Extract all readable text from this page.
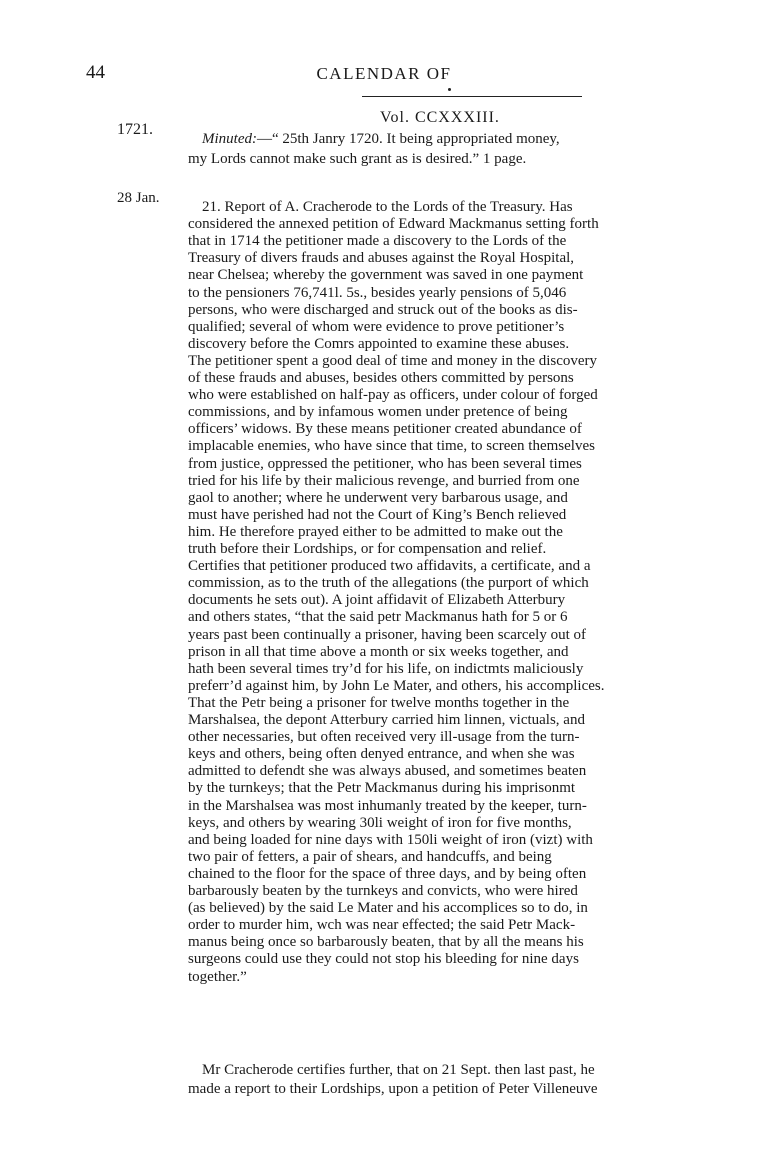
44	CALENDAR OF
Vol. CCXXXIII.
1721.
28 Jan.
Minuted:—“ 25th Janry 1720. It being appropriated money,
my Lords cannot make such grant as is desired.” 1 page.
21. Report of A. Cracherode to the Lords of the Treasury. Has
considered the annexed petition of Edward Mackmanus setting forth
that in 1714 the petitioner made a discovery to the Lords of the
Treasury of divers frauds and abuses against the Royal Hospital,
near Chelsea; whereby the government was saved in one payment
to the pensioners 76,741l. 5s., besides yearly pensions of 5,046
persons, who were discharged and struck out of the books as dis-
qualified; several of whom were evidence to prove petitioner’s
discovery before the Comrs appointed to examine these abuses.
The petitioner spent a good deal of time and money in the discovery
of these frauds and abuses, besides others committed by persons
who were established on half-pay as officers, under colour of forged
commissions, and by infamous women under pretence of being
officers’ widows. By these means petitioner created abundance of
implacable enemies, who have since that time, to screen themselves
from justice, oppressed the petitioner, who has been several times
tried for his life by their malicious revenge, and burried from one
gaol to another; where he underwent very barbarous usage, and
must have perished had not the Court of King’s Bench relieved
him. He therefore prayed either to be admitted to make out the
truth before their Lordships, or for compensation and relief.
Certifies that petitioner produced two affidavits, a certificate, and a
commission, as to the truth of the allegations (the purport of which
documents he sets out). A joint affidavit of Elizabeth Atterbury
and others states, “that the said petr Mackmanus hath for 5 or 6
years past been continually a prisoner, having been scarcely out of
prison in all that time above a month or six weeks together, and
hath been several times try’d for his life, on indictmts maliciously
preferr’d against him, by John Le Mater, and others, his accomplices.
That the Petr being a prisoner for twelve months together in the
Marshalsea, the depont Atterbury carried him linnen, victuals, and
other necessaries, but often received very ill-usage from the turn-
keys and others, being often denyed entrance, and when she was
admitted to defendt she was always abused, and sometimes beaten
by the turnkeys; that the Petr Mackmanus during his imprisonmt
in the Marshalsea was most inhumanly treated by the keeper, turn-
keys, and others by wearing 30li weight of iron for five months,
and being loaded for nine days with 150li weight of iron (vizt) with
two pair of fetters, a pair of shears, and handcuffs, and being
chained to the floor for the space of three days, and by being often
barbarously beaten by the turnkeys and convicts, who were hired
(as believed) by the said Le Mater and his accomplices so to do, in
order to murder him, wch was near effected; the said Petr Mack-
manus being once so barbarously beaten, that by all the means his
surgeons could use they could not stop his bleeding for nine days
together.”
Mr Cracherode certifies further, that on 21 Sept. then last past, he
made a report to their Lordships, upon a petition of Peter Villeneuve
